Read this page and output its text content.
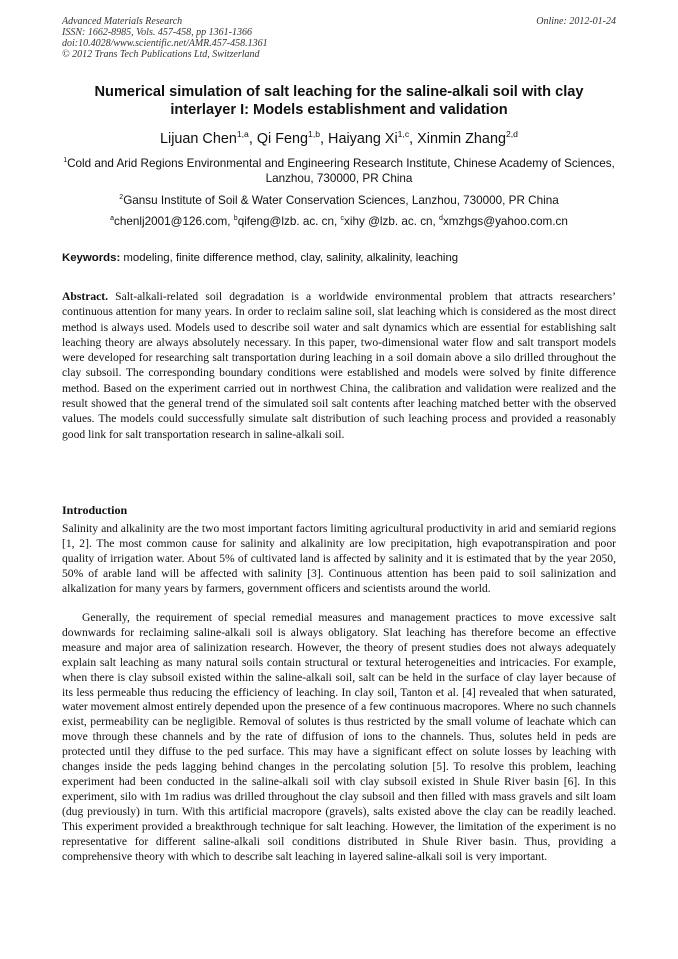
Advanced Materials Research
ISSN: 1662-8985, Vols. 457-458, pp 1361-1366
doi:10.4028/www.scientific.net/AMR.457-458.1361
© 2012 Trans Tech Publications Ltd, Switzerland
Online: 2012-01-24
Numerical simulation of salt leaching for the saline-alkali soil with clay interlayer I: Models establishment and validation
Lijuan Chen$^{1,a}$, Qi Feng$^{1,b}$, Haiyang Xi$^{1,c}$, Xinmin Zhang$^{2,d}$
$^1$Cold and Arid Regions Environmental and Engineering Research Institute, Chinese Academy of Sciences, Lanzhou, 730000, PR China
$^2$Gansu Institute of Soil & Water Conservation Sciences, Lanzhou, 730000, PR China
$^a$chenlj2001@126.com, $^b$qifeng@lzb. ac. cn, $^c$xihy @lzb. ac. cn, $^d$xmzhgs@yahoo.com.cn
Keywords: modeling, finite difference method, clay, salinity, alkalinity, leaching
Abstract. Salt-alkali-related soil degradation is a worldwide environmental problem that attracts researchers’ continuous attention for many years. In order to reclaim saline soil, slat leaching which is considered as the most direct method is always used. Models used to describe soil water and salt dynamics which are essential for establishing salt leaching theory are always absolutely necessary. In this paper, two-dimensional water flow and salt transport models were developed for researching salt transportation during leaching in a soil domain above a silo drilled throughout the clay subsoil. The corresponding boundary conditions were established and models were solved by finite difference method. Based on the experiment carried out in northwest China, the calibration and validation were realized and the result showed that the general trend of the simulated soil salt contents after leaching matched better with the observed values. The models could successfully simulate salt distribution of such leaching process and provided a reasonably good link for salt transportation research in saline-alkali soil.
Introduction
Salinity and alkalinity are the two most important factors limiting agricultural productivity in arid and semiarid regions [1, 2]. The most common cause for salinity and alkalinity are low precipitation, high evapotranspiration and poor quality of irrigation water. About 5% of cultivated land is affected by salinity and it is estimated that by the year 2050, 50% of arable land will be affected with salinity [3]. Continuous attention has been paid to soil salinization and alkalization for many years by farmers, government officers and scientists around the world.
Generally, the requirement of special remedial measures and management practices to move excessive salt downwards for reclaiming saline-alkali soil is always obligatory. Slat leaching has therefore become an effective measure and major area of salinization research. However, the theory of present studies does not always adequately explain salt leaching as many natural soils contain structural or textural heterogeneities and intricacies. For example, when there is clay subsoil existed within the saline-alkali soil, salt can be held in the surface of clay layer because of its less permeable thus reducing the efficiency of leaching. In clay soil, Tanton et al. [4] revealed that when saturated, water movement almost entirely depended upon the presence of a few continuous macropores. Where no such channels exist, permeability can be negligible. Removal of solutes is thus restricted by the small volume of leachate which can move through these channels and by the rate of diffusion of ions to the channels. Thus, solutes held in peds are protected until they diffuse to the ped surface. This may have a significant effect on solute losses by leaching with changes inside the peds lagging behind changes in the percolating solution [5]. To resolve this problem, leaching experiment had been conducted in the saline-alkali soil with clay subsoil existed in Shule River basin [6]. In this experiment, silo with 1m radius was drilled throughout the clay subsoil and then filled with mass gravels and silt loam (dug previously) in turn. With this artificial macropore (gravels), salts existed above the clay can be readily leached. This experiment provided a breakthrough technique for salt leaching. However, the limitation of the experiment is no representative for different saline-alkali soil conditions distributed in Shule River basin. Thus, providing a comprehensive theory with which to describe salt leaching in layered saline-alkali soil is very important.
